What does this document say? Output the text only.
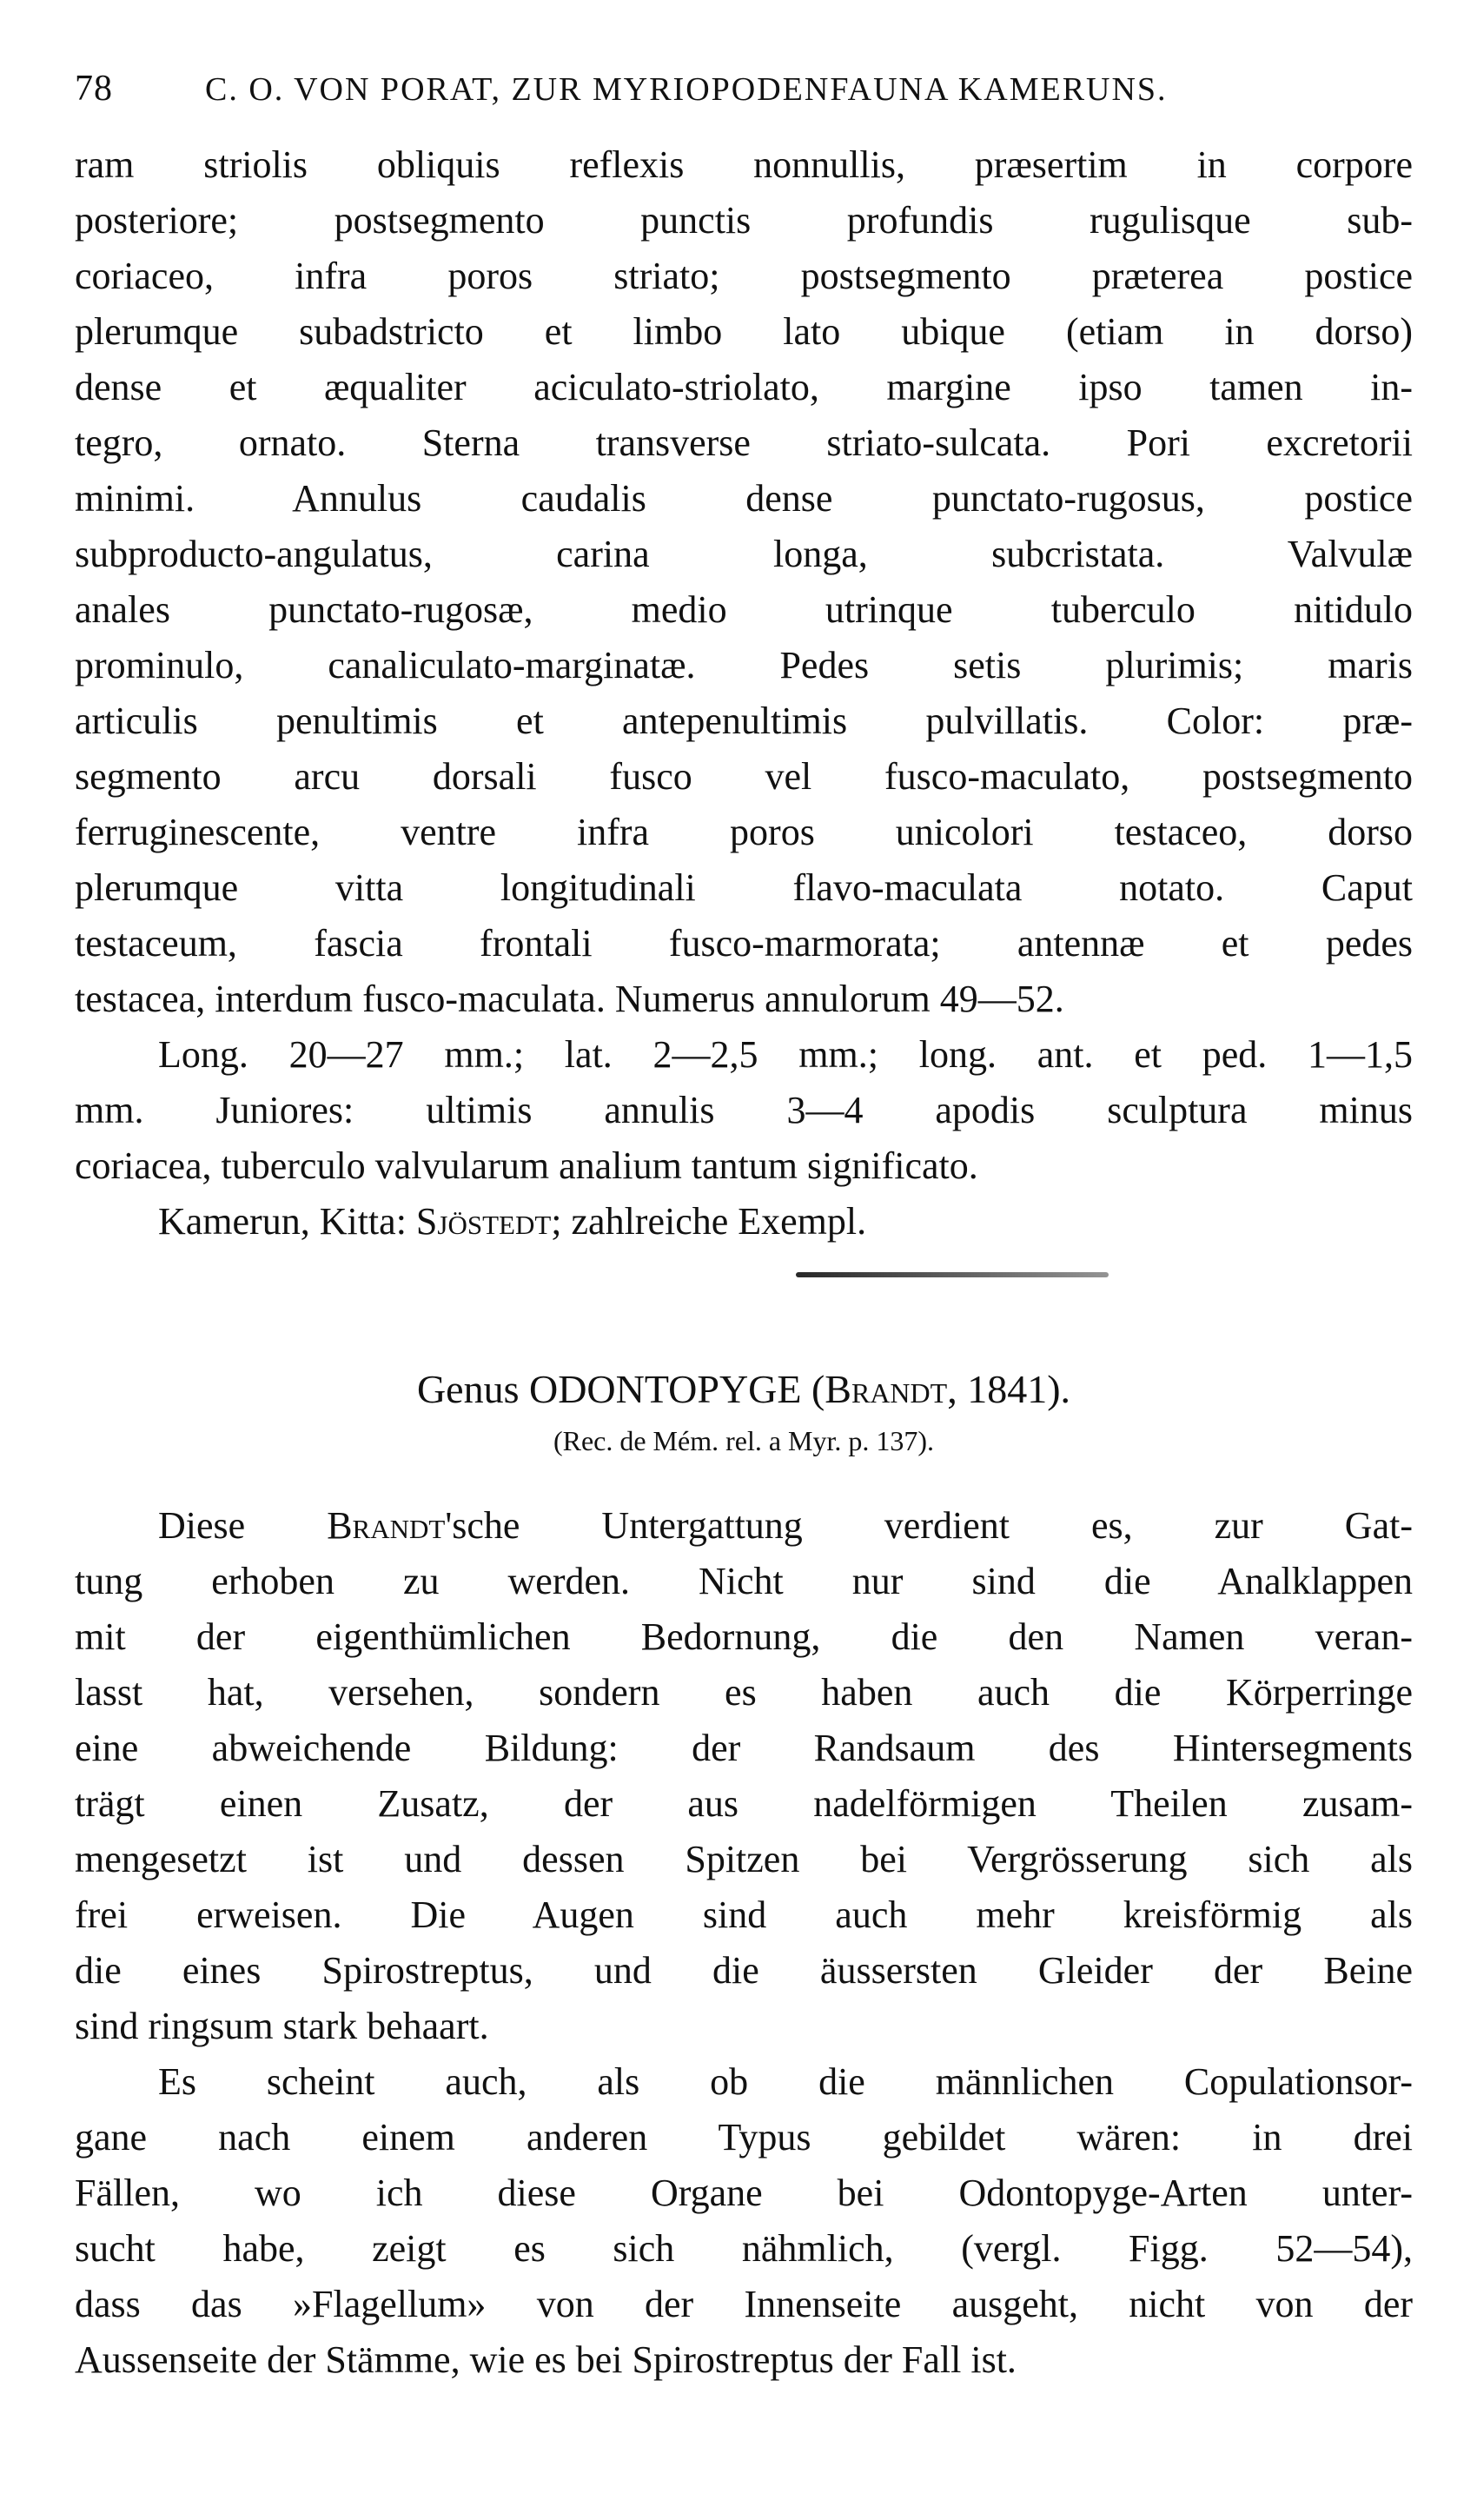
78	C. O. VON PORAT, ZUR MYRIOPODENFAUNA KAMERUNS.
ram striolis obliquis reflexis nonnullis, præsertim in corpore
posteriore; postsegmento punctis profundis rugulisque sub-
coriaceo, infra poros striato; postsegmento præterea postice
plerumque subadstricto et limbo lato ubique (etiam in dorso)
dense et æqualiter aciculato-striolato, margine ipso tamen in-
tegro, ornato. Sterna transverse striato-sulcata. Pori excretorii
minimi. Annulus caudalis dense punctato-rugosus, postice
subproducto-angulatus, carina longa, subcristata. Valvulæ
anales punctato-rugosæ, medio utrinque tuberculo nitidulo
prominulo, canaliculato-marginatæ. Pedes setis plurimis; maris
articulis penultimis et antepenultimis pulvillatis. Color: præ-
segmento arcu dorsali fusco vel fusco-maculato, postsegmento
ferruginescente, ventre infra poros unicolori testaceo, dorso
plerumque vitta longitudinali flavo-maculata notato. Caput
testaceum, fascia frontali fusco-marmorata; antennæ et pedes
testacea, interdum fusco-maculata. Numerus annulorum 49—52.
Long. 20—27 mm.; lat. 2—2,5 mm.; long. ant. et ped. 1—1,5
mm. Juniores: ultimis annulis 3—4 apodis sculptura minus
coriacea, tuberculo valvularum analium tantum significato.
Kamerun, Kitta: Sjöstedt; zahlreiche Exempl.
Genus ODONTOPYGE (Brandt, 1841).
(Rec. de Mém. rel. a Myr. p. 137).
Diese Brandt'sche Untergattung verdient es, zur Gat-
tung erhoben zu werden. Nicht nur sind die Analklappen
mit der eigenthümlichen Bedornung, die den Namen veran-
lasst hat, versehen, sondern es haben auch die Körperringe
eine abweichende Bildung: der Randsaum des Hintersegments
trägt einen Zusatz, der aus nadelförmigen Theilen zusam-
mengesetzt ist und dessen Spitzen bei Vergrösserung sich als
frei erweisen. Die Augen sind auch mehr kreisförmig als
die eines Spirostreptus, und die äussersten Gleider der Beine
sind ringsum stark behaart.
Es scheint auch, als ob die männlichen Copulationsor-
gane nach einem anderen Typus gebildet wären: in drei
Fällen, wo ich diese Organe bei Odontopyge-Arten unter-
sucht habe, zeigt es sich nähmlich, (vergl. Figg. 52—54),
dass das »Flagellum» von der Innenseite ausgeht, nicht von der
Aussenseite der Stämme, wie es bei Spirostreptus der Fall ist.
